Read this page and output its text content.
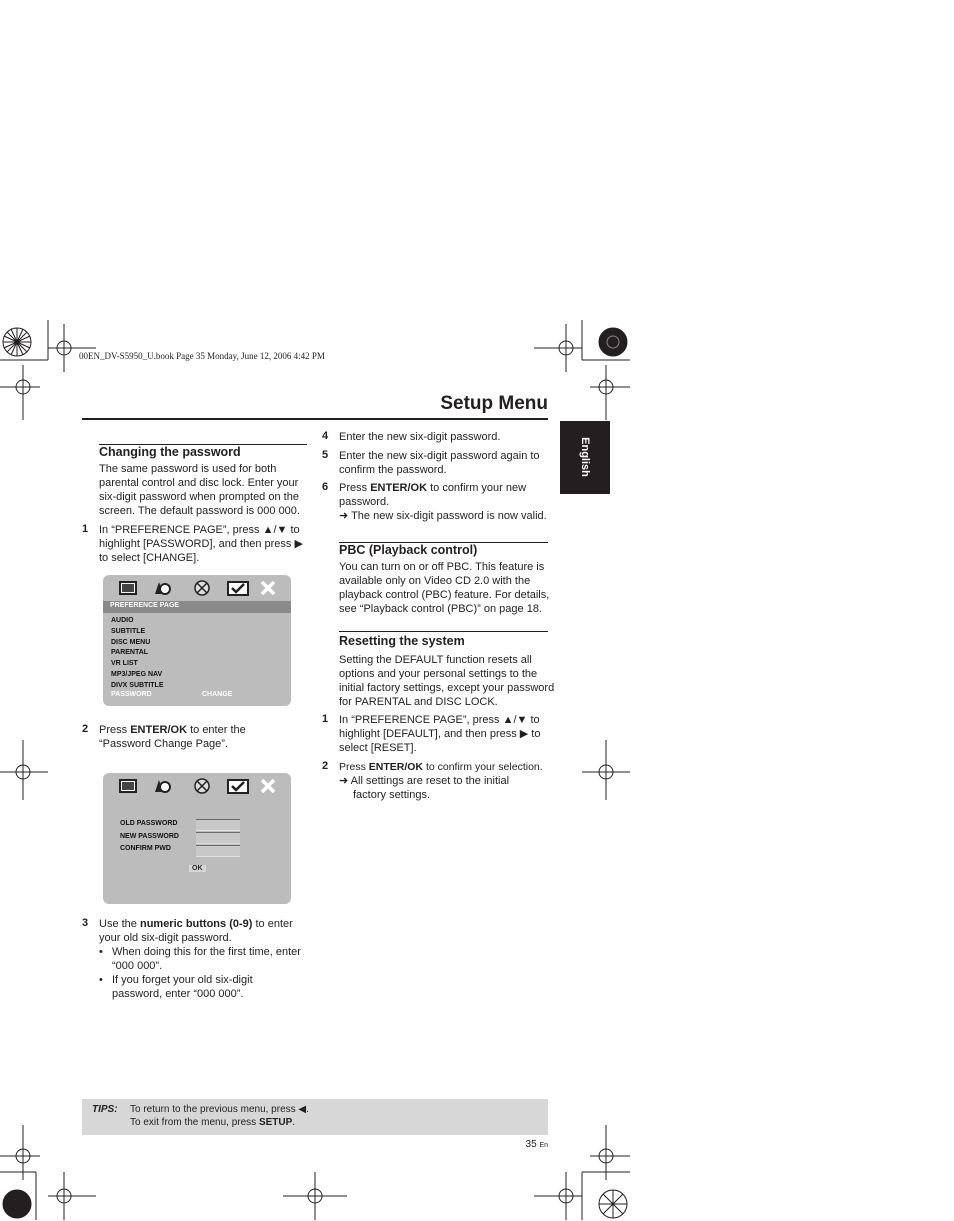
00EN_DV-S5950_U.book Page 35 Monday, June 12, 2006 4:42 PM
Setup Menu
English
Changing the password
The same password is used for both
parental control and disc lock. Enter your
six-digit password when prompted on the
screen. The default password is 000 000.
1 In “PREFERENCE PAGE”, press ▲/▼ to
highlight [PASSWORD], and then press ▶
to select [CHANGE].
PREFERENCE PAGE
AUDIO
SUBTITLE
DISC MENU
PARENTAL
VR LIST
MP3/JPEG NAV
DIVX SUBTITLE
PASSWORD	CHANGE
2 Press ENTER/OK to enter the
“Password Change Page”.
OLD PASSWORD
NEW PASSWORD
CONFIRM PWD
OK
3 Use the numeric buttons (0-9) to enter
your old six-digit password.
• When doing this for the first time, enter
“000 000”.
• If you forget your old six-digit
password, enter “000 000”.
4 Enter the new six-digit password.
5 Enter the new six-digit password again to
confirm the password.
6 Press ENTER/OK to confirm your new
password.
➜ The new six-digit password is now valid.
PBC (Playback control)
You can turn on or off PBC. This feature is
available only on Video CD 2.0 with the
playback control (PBC) feature. For details,
see “Playback control (PBC)” on page 18.
Resetting the system
Setting the DEFAULT function resets all
options and your personal settings to the
initial factory settings, except your password
for PARENTAL and DISC LOCK.
1 In “PREFERENCE PAGE”, press ▲/▼ to
highlight [DEFAULT], and then press ▶ to
select [RESET].
2 Press ENTER/OK to confirm your selection.
➜ All settings are reset to the initial
factory settings.
TIPS: To return to the previous menu, press ◀.
To exit from the menu, press SETUP.
35 En
